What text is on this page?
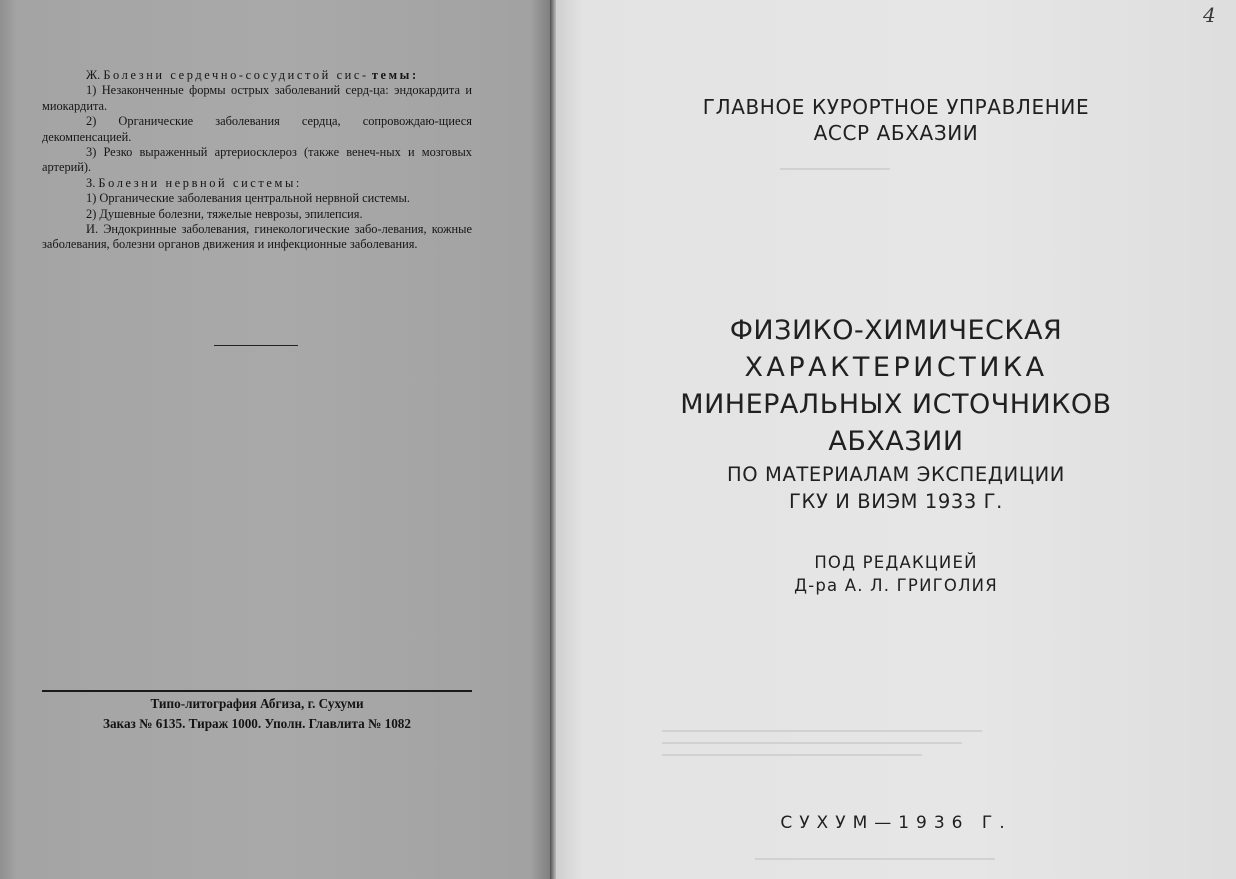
Ж. Болезни сердечно-сосудистой сис- темы:

1) Незаконченные формы острых заболеваний серд-ца: эндокардита и миокардита.

2) Органические заболевания сердца, сопровождаю-щиеся декомпенсацией.

3) Резко выраженный артериосклероз (также венеч-ных и мозговых артерий).

З. Болезни нервной системы:

1) Органические заболевания центральной нервной системы.

2) Душевные болезни, тяжелые неврозы, эпилепсия.

И. Эндокринные заболевания, гинекологические забо-левания, кожные заболевания, болезни органов движения и инфекционные заболевания.

Типо-литография Абгиза, г. Сухуми
Заказ № 6135. Тираж 1000. Уполн. Главлита № 1082
4
ГЛАВНОЕ КУРОРТНОЕ УПРАВЛЕНИЕ
АССР АБХАЗИИ
ФИЗИКО-ХИМИЧЕСКАЯ
ХАРАКТЕРИСТИКА
МИНЕРАЛЬНЫХ ИСТОЧНИКОВ
АБХАЗИИ
ПО МАТЕРИАЛАМ ЭКСПЕДИЦИИ
ГКУ И ВИЭМ 1933 Г.
ПОД РЕДАКЦИЕЙ
Д-ра А. Л. ГРИГОЛИЯ
СУХУМ—1936 Г.
